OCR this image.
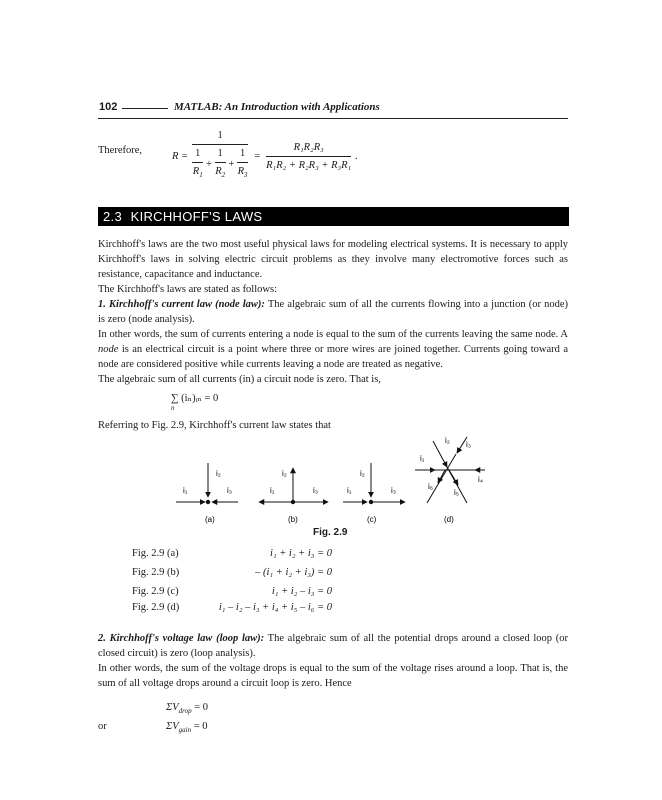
102	MATLAB: An Introduction with Applications
Therefore,	$R = \frac{1}{\frac{1}{R_1} + \frac{1}{R_2} + \frac{1}{R_3}} = \frac{\text{R₁R₂R₃}}{\text{R₁R₂ + R₂R₃ + R₃R₁}}$ .
2.3 KIRCHHOFF'S LAWS
Kirchhoff's laws are the two most useful physical laws for modeling electrical systems. It is necessary to apply Kirchhoff's laws in solving electric circuit problems as they involve many electromotive forces such as resistance, capacitance and inductance.
The Kirchhoff's laws are stated as follows:
1. Kirchhoff's current law (node law): The algebraic sum of all the currents flowing into a junction (or node) is zero (node analysis).
In other words, the sum of currents entering a node is equal to the sum of the currents leaving the same node. A node is an electrical circuit is a point where three or more wires are joined together. Currents going toward a node are considered positive while currents leaving a node are treated as negative.
The algebraic sum of all currents (in) a circuit node is zero. That is,
∑ (iₙ)ᵢₙ = 0
n
Referring to Fig. 2.9, Kirchhoff's current law states that
i₂
i₁	i₃
(a)
i₂
i₁	i₃
(b)
i₂
i₁	i₃
(c)
i₂ i₃
i₁
i₄
i₆
i₅
(d)
Fig. 2.9
Fig. 2.9 (a)	i₁ + i₂ + i₃ = 0
Fig. 2.9 (b)	– (i₁ + i₂ + i₃) = 0
Fig. 2.9 (c)	i₁ + i₂ – i₃ = 0
Fig. 2.9 (d)	i₁ – i₂ – i₃ + i₄ + i₅ – i₆ = 0
2. Kirchhoff's voltage law (loop law): The algebraic sum of all the potential drops around a closed loop (or closed circuit) is zero (loop analysis).
In other words, the sum of the voltage drops is equal to the sum of the voltage rises around a loop. That is, the sum of all voltage drops around a circuit loop is zero. Hence
$\Sigma V_{drop} = 0$
or	$\Sigma V_{gain} = 0$
